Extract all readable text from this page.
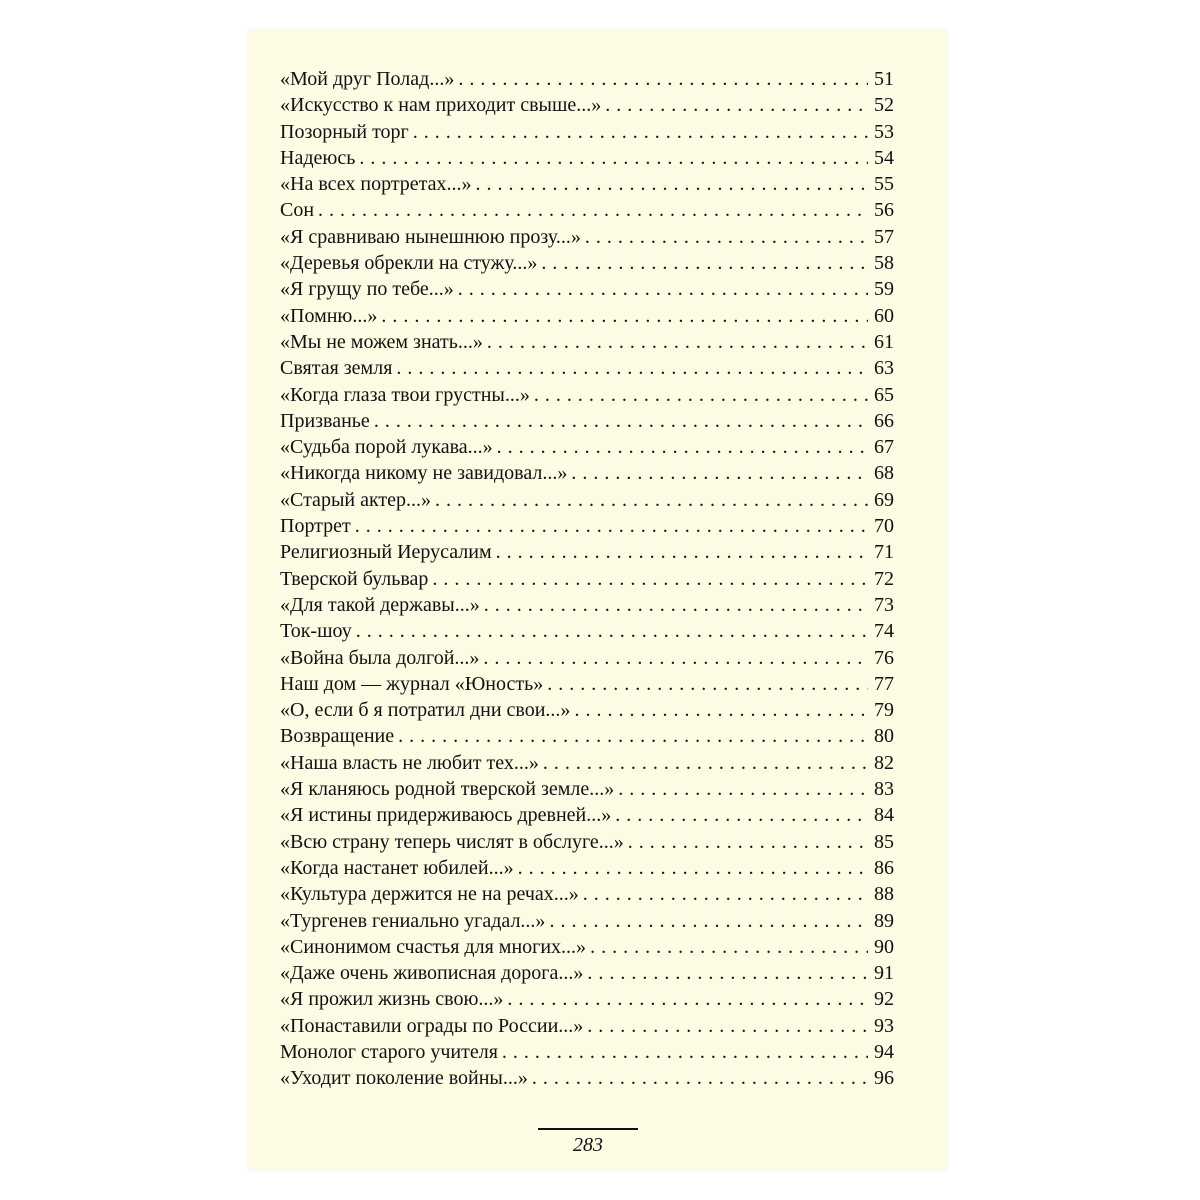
«Мой друг Полад...» . . .	51
«Искусство к нам приходит свыше...» . . .	52
Позорный торг . . .	53
Надеюсь . . .	54
«На всех портретах...» . . .	55
Сон . . .	56
«Я сравниваю нынешнюю прозу...» . . .	57
«Деревья обрекли на стужу...» . . .	58
«Я грущу по тебе...» . . .	59
«Помню...» . . .	60
«Мы не можем знать...» . . .	61
Святая земля . . .	63
«Когда глаза твои грустны...» . . .	65
Призванье . . .	66
«Судьба порой лукава...» . . .	67
«Никогда никому не завидовал...» . . .	68
«Старый актер...» . . .	69
Портрет . . .	70
Религиозный Иерусалим . . .	71
Тверской бульвар . . .	72
«Для такой державы...» . . .	73
Ток-шоу . . .	74
«Война была долгой...» . . .	76
Наш дом — журнал «Юность» . . .	77
«О, если б я потратил дни свои...» . . .	79
Возвращение . . .	80
«Наша власть не любит тех...» . . .	82
«Я кланяюсь родной тверской земле...» . . .	83
«Я истины придерживаюсь древней...» . . .	84
«Всю страну теперь числят в обслуге...» . . .	85
«Когда настанет юбилей...» . . .	86
«Культура держится не на речах...» . . .	88
«Тургенев гениально угадал...» . . .	89
«Синонимом счастья для многих...» . . .	90
«Даже очень живописная дорога...» . . .	91
«Я прожил жизнь свою...» . . .	92
«Понаставили ограды по России...» . . .	93
Монолог старого учителя . . .	94
«Уходит поколение войны...» . . .	96
283
